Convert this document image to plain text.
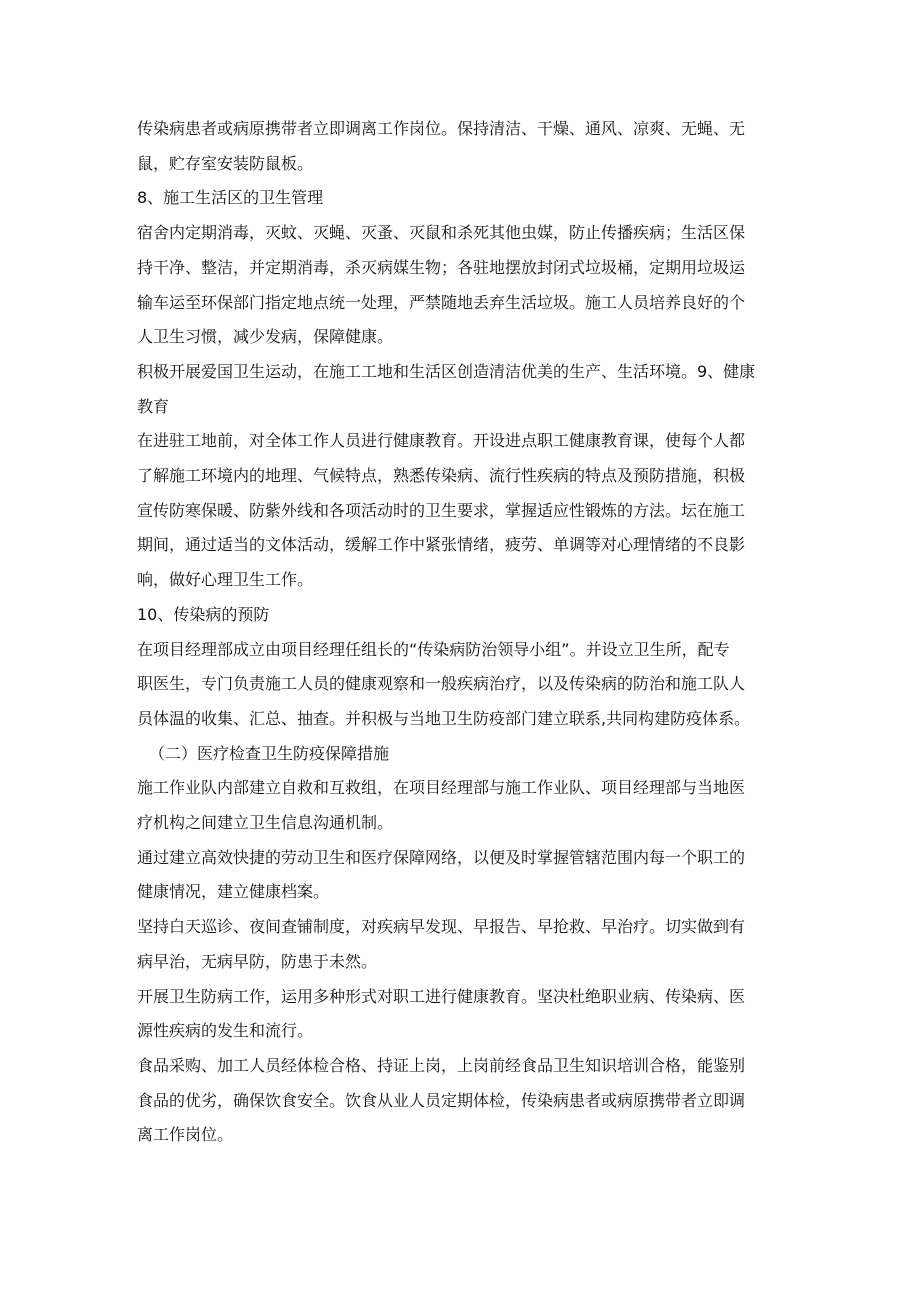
传染病患者或病原携带者立即调离工作岗位。保持清洁、干燥、通风、凉爽、无蝇、无
鼠，贮存室安装防鼠板。
8、施工生活区的卫生管理
宿舍内定期消毒，灭蚊、灭蝇、灭蚤、灭鼠和杀死其他虫媒，防止传播疾病；生活区保
持干净、整洁，并定期消毒，杀灭病媒生物；各驻地摆放封闭式垃圾桶，定期用垃圾运
输车运至环保部门指定地点统一处理，严禁随地丢弃生活垃圾。施工人员培养良好的个
人卫生习惯，减少发病，保障健康。
积极开展爱国卫生运动，在施工工地和生活区创造清洁优美的生产、生活环境。9、健康
教育
在进驻工地前，对全体工作人员进行健康教育。开设进点职工健康教育课，使每个人都
了解施工环境内的地理、气候特点，熟悉传染病、流行性疾病的特点及预防措施，积极
宣传防寒保暖、防紫外线和各项活动时的卫生要求，掌握适应性锻炼的方法。坛在施工
期间，通过适当的文体活动，缓解工作中紧张情绪，疲劳、单调等对心理情绪的不良影
响，做好心理卫生工作。
10、传染病的预防
在项目经理部成立由项目经理任组长的“传染病防治领导小组”。并设立卫生所，配专
职医生，专门负责施工人员的健康观察和一般疾病治疗，以及传染病的防治和施工队人
员体温的收集、汇总、抽查。并积极与当地卫生防疫部门建立联系,共同构建防疫体系。
（二）医疗检查卫生防疫保障措施
施工作业队内部建立自救和互救组，在项目经理部与施工作业队、项目经理部与当地医
疗机构之间建立卫生信息沟通机制。
通过建立高效快捷的劳动卫生和医疗保障网络，以便及时掌握管辖范围内每一个职工的
健康情况，建立健康档案。
坚持白天巡诊、夜间查铺制度，对疾病早发现、早报告、早抢救、早治疗。切实做到有
病早治，无病早防，防患于未然。
开展卫生防病工作，运用多种形式对职工进行健康教育。坚决杜绝职业病、传染病、医
源性疾病的发生和流行。
食品采购、加工人员经体检合格、持证上岗，上岗前经食品卫生知识培训合格，能鉴别
食品的优劣，确保饮食安全。饮食从业人员定期体检，传染病患者或病原携带者立即调
离工作岗位。
